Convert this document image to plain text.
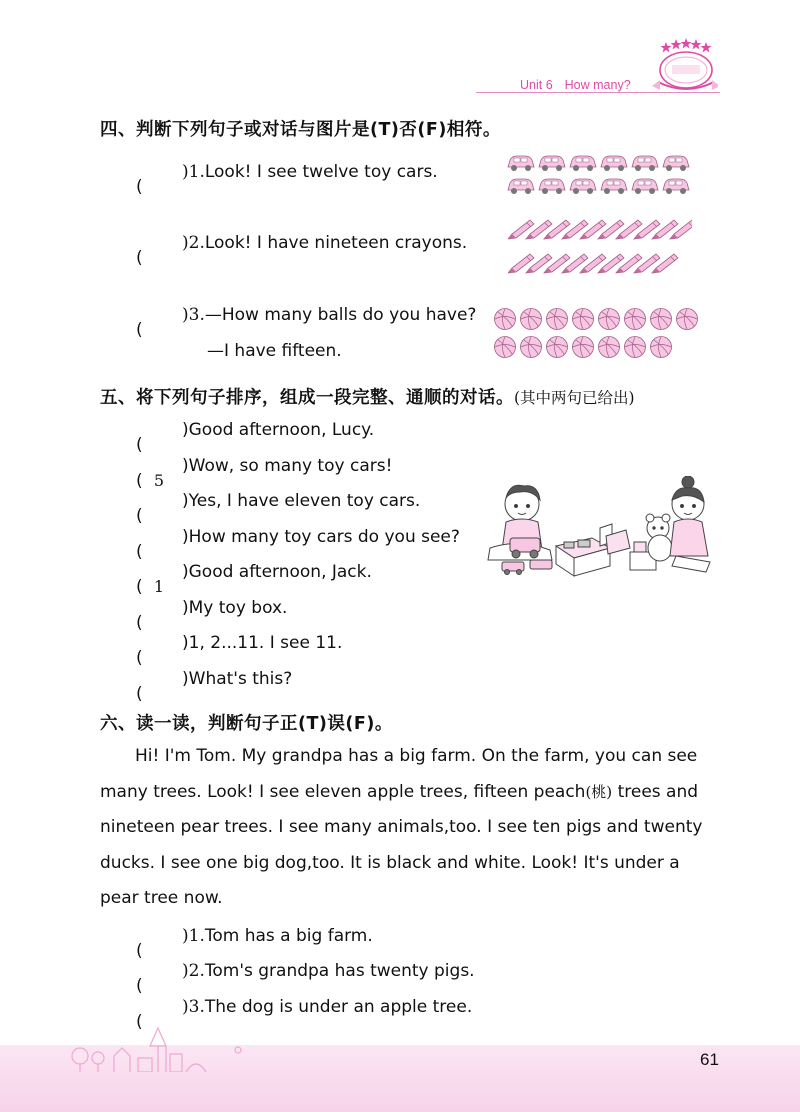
Unit 6 How many?
四、判断下列句子或对话与图片是(T)否(F)相符。
(
)1.Look! I see twelve toy cars.
(
)2.Look! I have nineteen crayons.
(
)3.—How many balls do you have?
—I have fifteen.
五、将下列句子排序，组成一段完整、通顺的对话。(其中两句已给出)
(
)Good afternoon, Lucy.
( 5
)Wow, so many toy cars!
(
)Yes, I have eleven toy cars.
(
)How many toy cars do you see?
( 1
)Good afternoon, Jack.
(
)My toy box.
(
)1, 2...11. I see 11.
(
)What's this?
六、读一读，判断句子正(T)误(F)。

Hi! I'm Tom. My grandpa has a big farm. On the farm, you can see

many trees. Look! I see eleven apple trees, fifteen peach(桃) trees and

nineteen pear trees. I see many animals,too. I see ten pigs and twenty

ducks. I see one big dog,too. It is black and white. Look! It's under a

pear tree now.

(
)1.Tom has a big farm.
(
)2.Tom's grandpa has twenty pigs.
(
)3.The dog is under an apple tree.
61
